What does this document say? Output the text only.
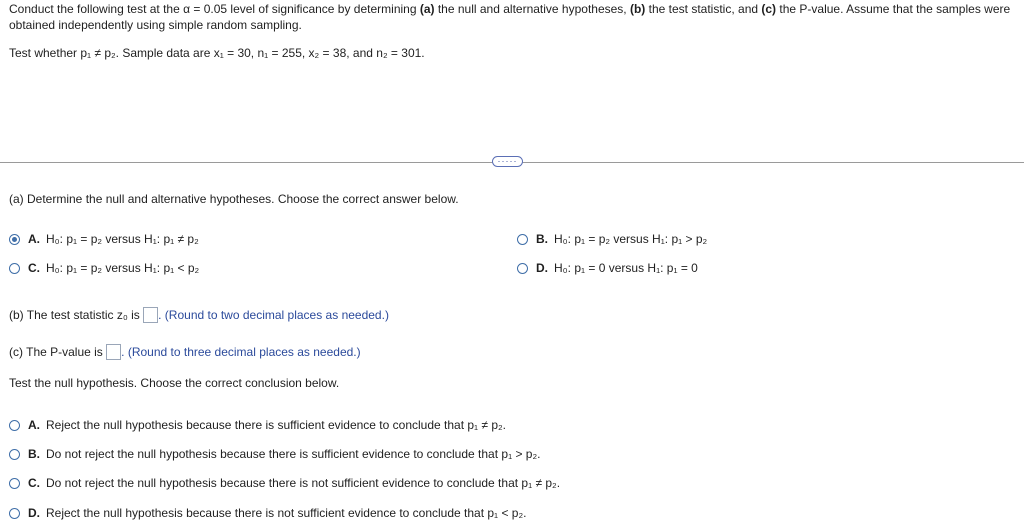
Conduct the following test at the α = 0.05 level of significance by determining (a) the null and alternative hypotheses, (b) the test statistic, and (c) the P-value. Assume that the samples were obtained independently using simple random sampling.
Test whether p₁ ≠ p₂. Sample data are x₁ = 30, n₁ = 255, x₂ = 38, and n₂ = 301.
·····
(a) Determine the null and alternative hypotheses. Choose the correct answer below.
A. H₀: p₁ = p₂ versus H₁: p₁ ≠ p₂	B. H₀: p₁ = p₂ versus H₁: p₁ > p₂
C. H₀: p₁ = p₂ versus H₁: p₁ < p₂	D. H₀: p₁ = 0 versus H₁: p₁ = 0
(b) The test statistic z₀ is . (Round to two decimal places as needed.)
(c) The P-value is . (Round to three decimal places as needed.)
Test the null hypothesis. Choose the correct conclusion below.
A. Reject the null hypothesis because there is sufficient evidence to conclude that p₁ ≠ p₂.
B. Do not reject the null hypothesis because there is sufficient evidence to conclude that p₁ > p₂.
C. Do not reject the null hypothesis because there is not sufficient evidence to conclude that p₁ ≠ p₂.
D. Reject the null hypothesis because there is not sufficient evidence to conclude that p₁ < p₂.
